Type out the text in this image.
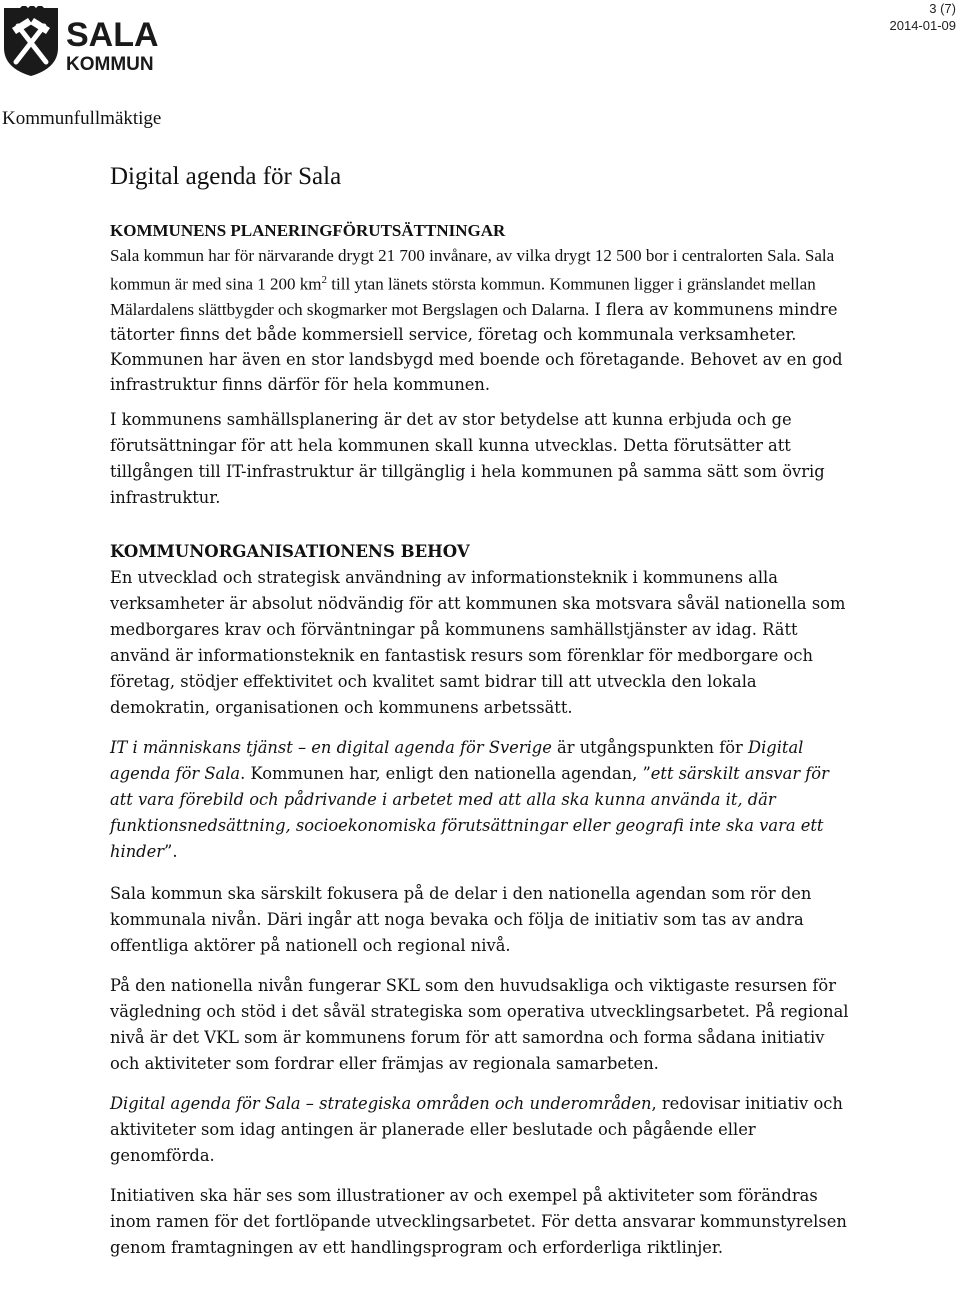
SALA
KOMMUN
3 (7)
2014-01-09
Kommunfullmäktige
Digital agenda för Sala
KOMMUNENS PLANERINGFÖRUTSÄTTNINGAR

Sala kommun har för närvarande drygt 21 700 invånare, av vilka drygt 12 500 bor i centralorten Sala. Sala kommun är med sina 1 200 $km^2$ till ytan länets största kommun. Kommunen ligger i gränslandet mellan Mälardalens slättbygder och skogmarker mot Bergslagen och Dalarna. I flera av kommunens mindre tätorter finns det både kommersiell service, företag och kommunala verksamheter. Kommunen har även en stor landsbygd med boende och företagande. Behovet av en god infrastruktur finns därför för hela kommunen.

I kommunens samhällsplanering är det av stor betydelse att kunna erbjuda och ge förutsättningar för att hela kommunen skall kunna utvecklas. Detta förutsätter att tillgången till IT-infrastruktur är tillgänglig i hela kommunen på samma sätt som övrig infrastruktur.

KOMMUNORGANISATIONENS BEHOV

En utvecklad och strategisk användning av informationsteknik i kommunens alla verksamheter är absolut nödvändig för att kommunen ska motsvara såväl nationella som medborgares krav och förväntningar på kommunens samhällstjänster av idag. Rätt använd är informationsteknik en fantastisk resurs som förenklar för medborgare och företag, stödjer effektivitet och kvalitet samt bidrar till att utveckla den lokala demokratin, organisationen och kommunens arbetssätt.

IT i människans tjänst – en digital agenda för Sverige är utgångspunkten för Digital agenda för Sala. Kommunen har, enligt den nationella agendan, ”ett särskilt ansvar för att vara förebild och pådrivande i arbetet med att alla ska kunna använda it, där funktionsnedsättning, socioekonomiska förutsättningar eller geografi inte ska vara ett hinder”.

Sala kommun ska särskilt fokusera på de delar i den nationella agendan som rör den kommunala nivån. Däri ingår att noga bevaka och följa de initiativ som tas av andra offentliga aktörer på nationell och regional nivå.

På den nationella nivån fungerar SKL som den huvudsakliga och viktigaste resursen för vägledning och stöd i det såväl strategiska som operativa utvecklingsarbetet. På regional nivå är det VKL som är kommunens forum för att samordna och forma sådana initiativ och aktiviteter som fordrar eller främjas av regionala samarbeten.

Digital agenda för Sala – strategiska områden och underområden, redovisar initiativ och aktiviteter som idag antingen är planerade eller beslutade och pågående eller genomförda.

Initiativen ska här ses som illustrationer av och exempel på aktiviteter som förändras inom ramen för det fortlöpande utvecklingsarbetet. För detta ansvarar kommunstyrelsen genom framtagningen av ett handlingsprogram och erforderliga riktlinjer.
